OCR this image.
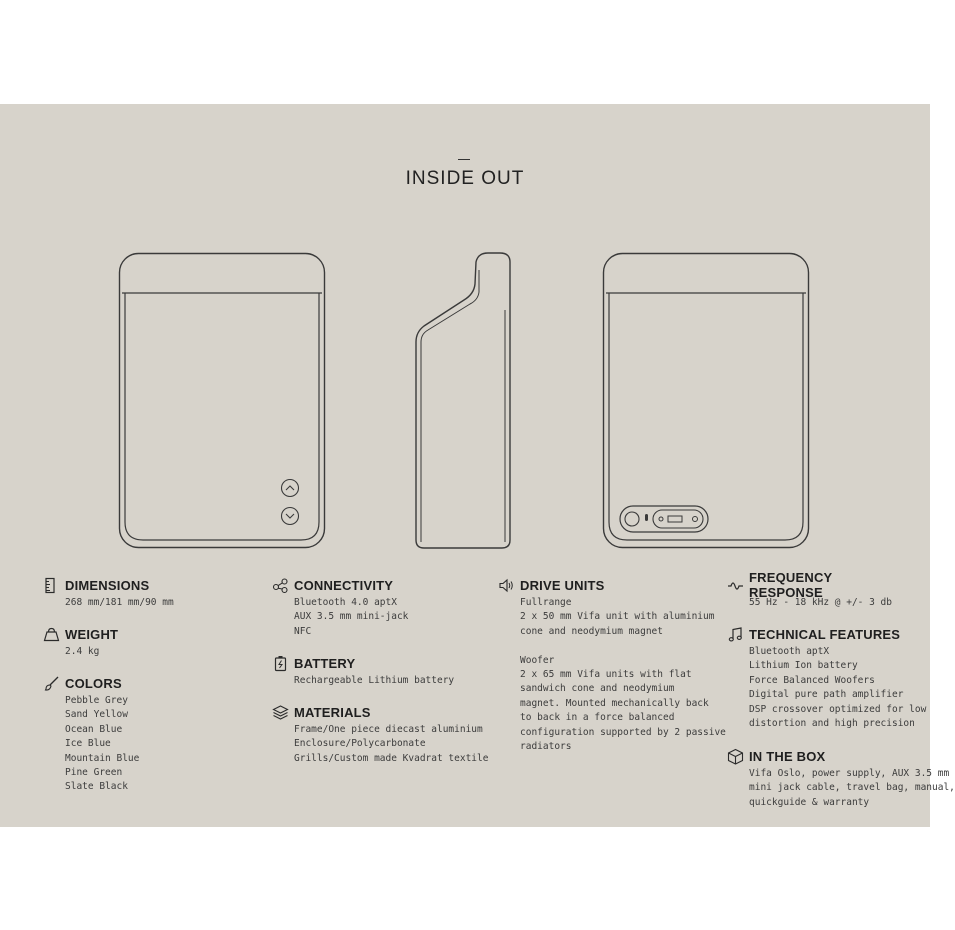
INSIDE OUT
DIMENSIONS
268 mm/181 mm/90 mm
WEIGHT
2.4 kg
COLORS
Pebble Grey
Sand Yellow
Ocean Blue
Ice Blue
Mountain Blue
Pine Green
Slate Black
CONNECTIVITY
Bluetooth 4.0 aptX
AUX 3.5 mm mini-jack
NFC
BATTERY
Rechargeable Lithium battery
MATERIALS
Frame/One piece diecast aluminium
Enclosure/Polycarbonate
Grills/Custom made Kvadrat textile
DRIVE UNITS
Fullrange
2 x 50 mm Vifa unit with aluminium
cone and neodymium magnet
Woofer
2 x 65 mm Vifa units with flat
sandwich cone and neodymium
magnet. Mounted mechanically back
to back in a force balanced
configuration supported by 2 passive
radiators
FREQUENCY RESPONSE
55 Hz - 18 kHz @ +/- 3 db
TECHNICAL FEATURES
Bluetooth aptX
Lithium Ion battery
Force Balanced Woofers
Digital pure path amplifier
DSP crossover optimized for low
distortion and high precision
IN THE BOX
Vifa Oslo, power supply, AUX 3.5 mm
mini jack cable, travel bag, manual,
quickguide & warranty
